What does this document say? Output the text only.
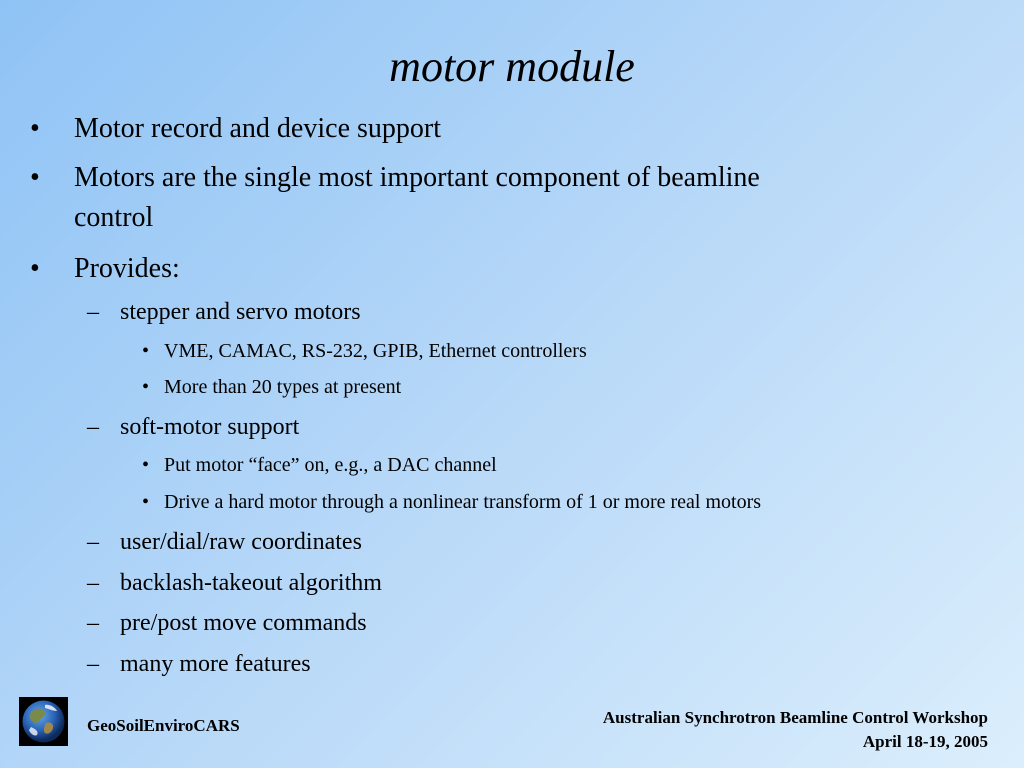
motor module
•	Motor record and device support
•	Motors are the single most important component of beamline
control
•	Provides:
– stepper and servo motors
• VME, CAMAC, RS-232, GPIB, Ethernet controllers
• More than 20 types at present
– soft-motor support
• Put motor “face” on, e.g., a DAC channel
• Drive a hard motor through a nonlinear transform of 1 or more real motors
– user/dial/raw coordinates
– backlash-takeout algorithm
– pre/post move commands
– many more features
GeoSoilEnviroCARS	Australian Synchrotron Beamline Control Workshop
April 18-19, 2005
